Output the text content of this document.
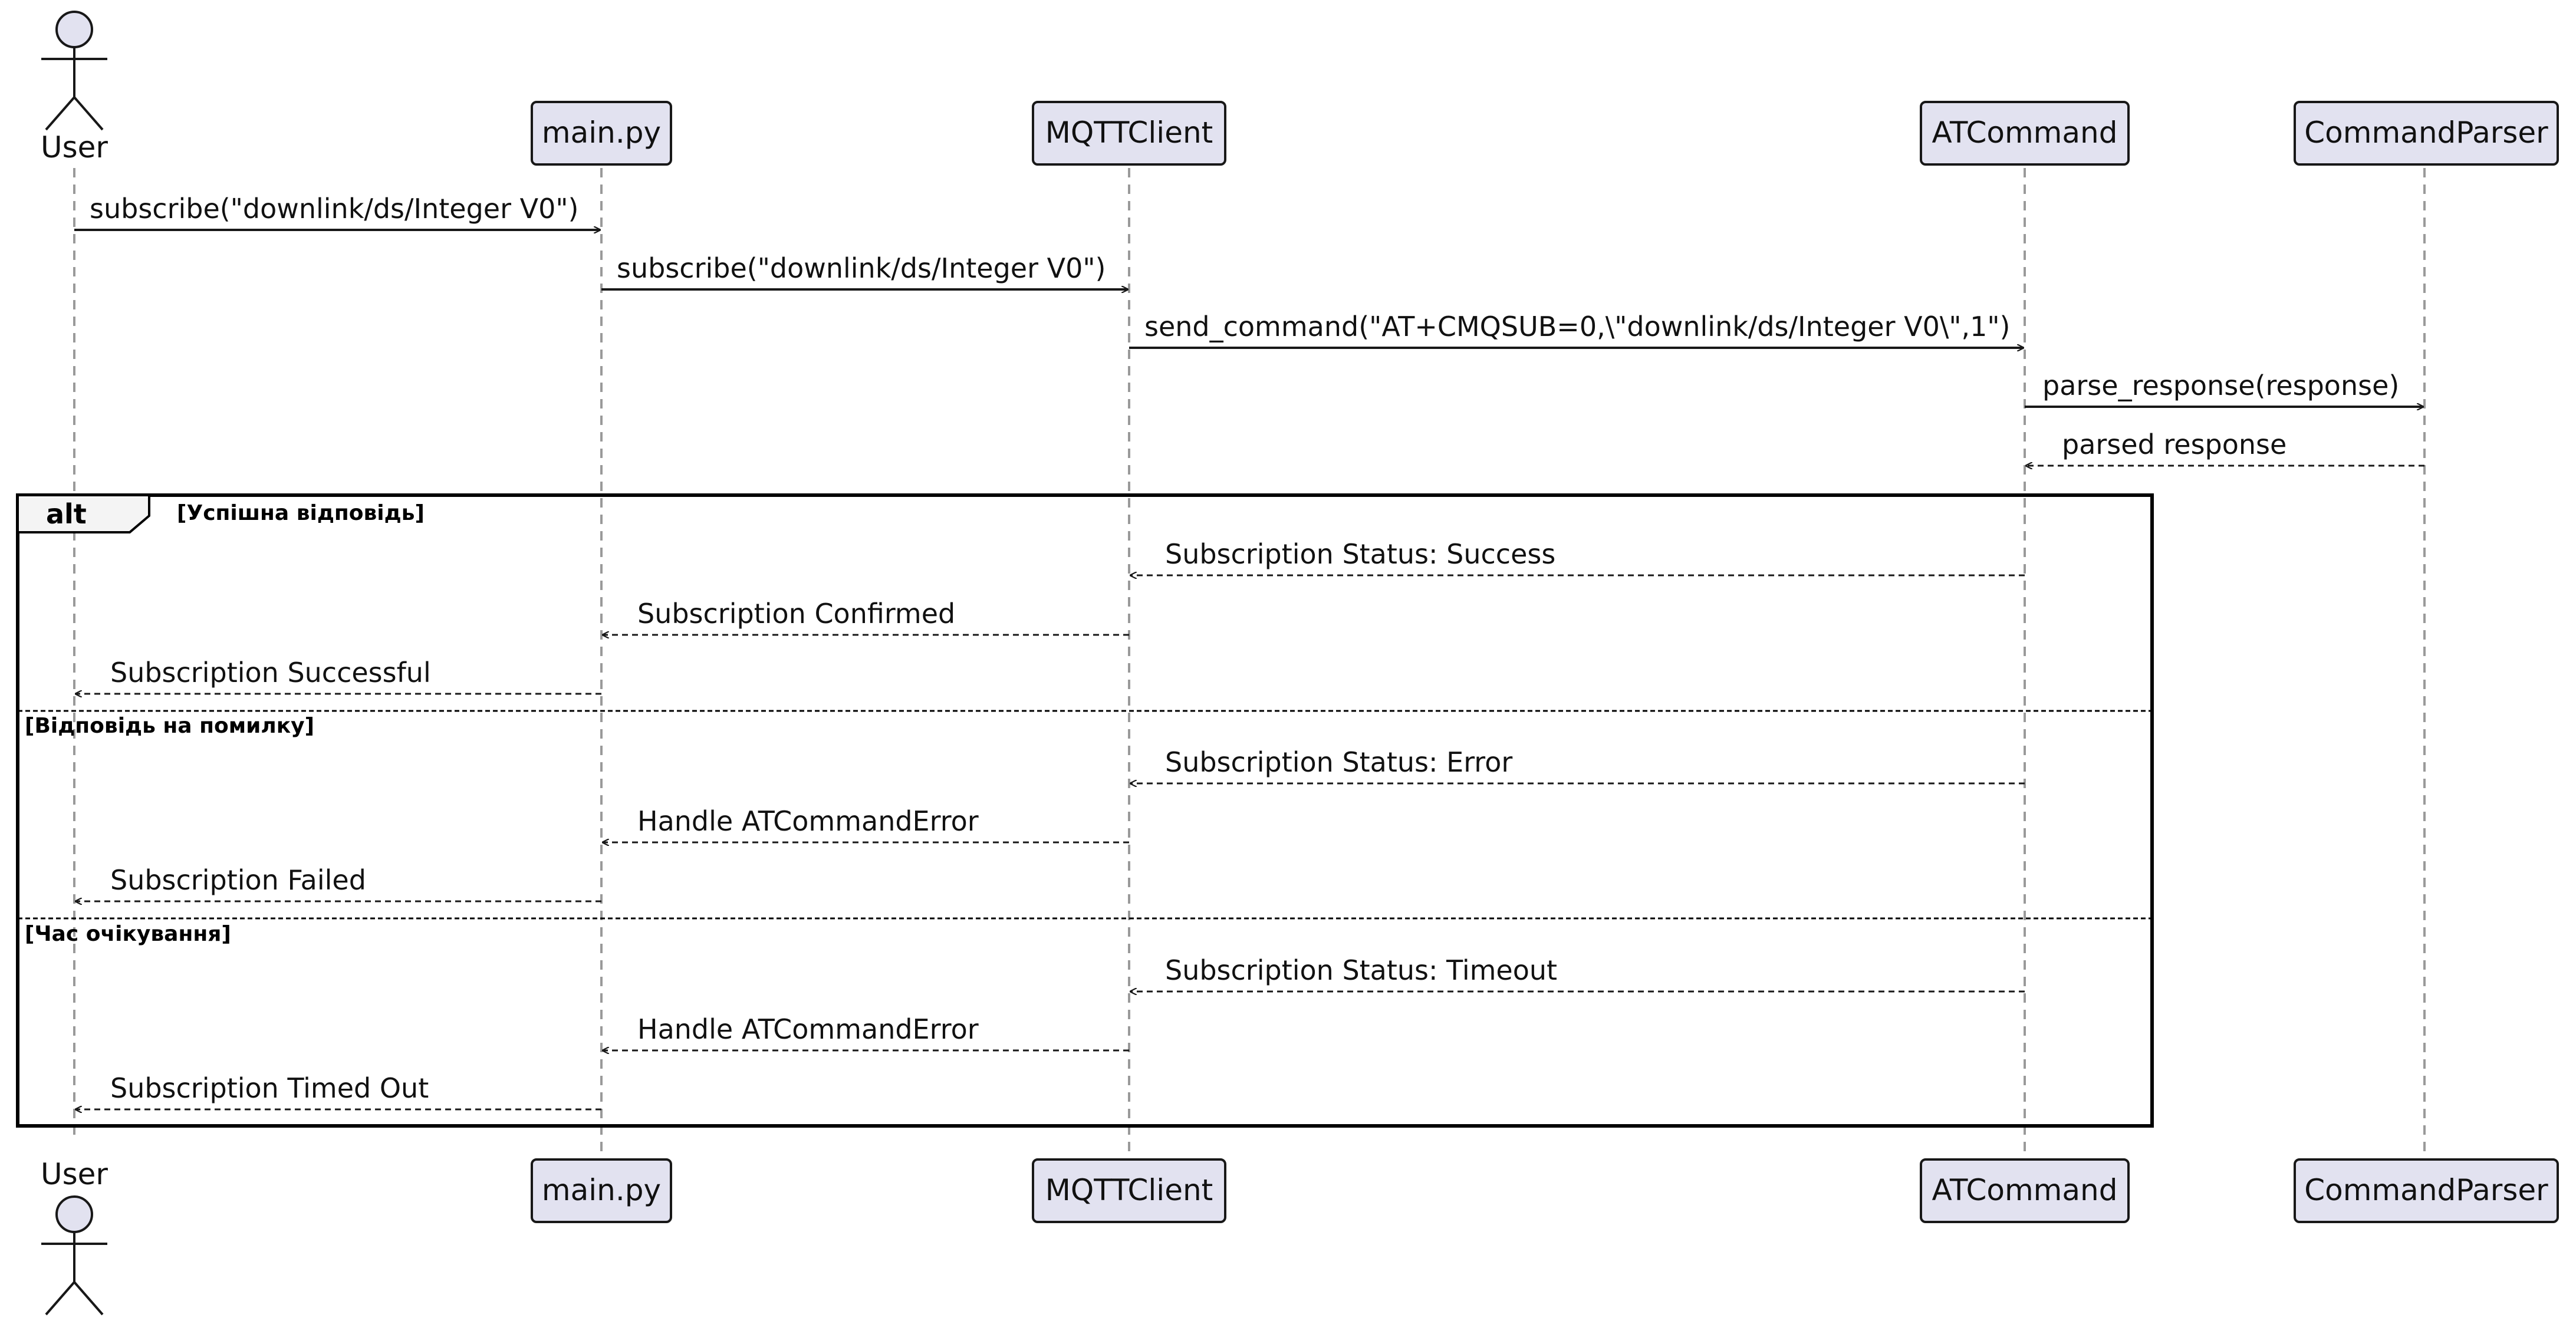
User	main.py	MQTTClient	ATCommand	CommandParser
User	main.py	MQTTClient	ATCommand	CommandParser
alt	[Успішна відповідь]
[Відповідь на помилку]
[Час очікування]
subscribe("downlink/ds/Integer V0")
subscribe("downlink/ds/Integer V0")
send_command("AT+CMQSUB=0,\"downlink/ds/Integer V0\",1")
parse_response(response)
parsed response
Subscription Status: Success
Subscription Confirmed
Subscription Successful
Subscription Status: Error
Handle ATCommandError
Subscription Failed
Subscription Status: Timeout
Handle ATCommandError
Subscription Timed Out
